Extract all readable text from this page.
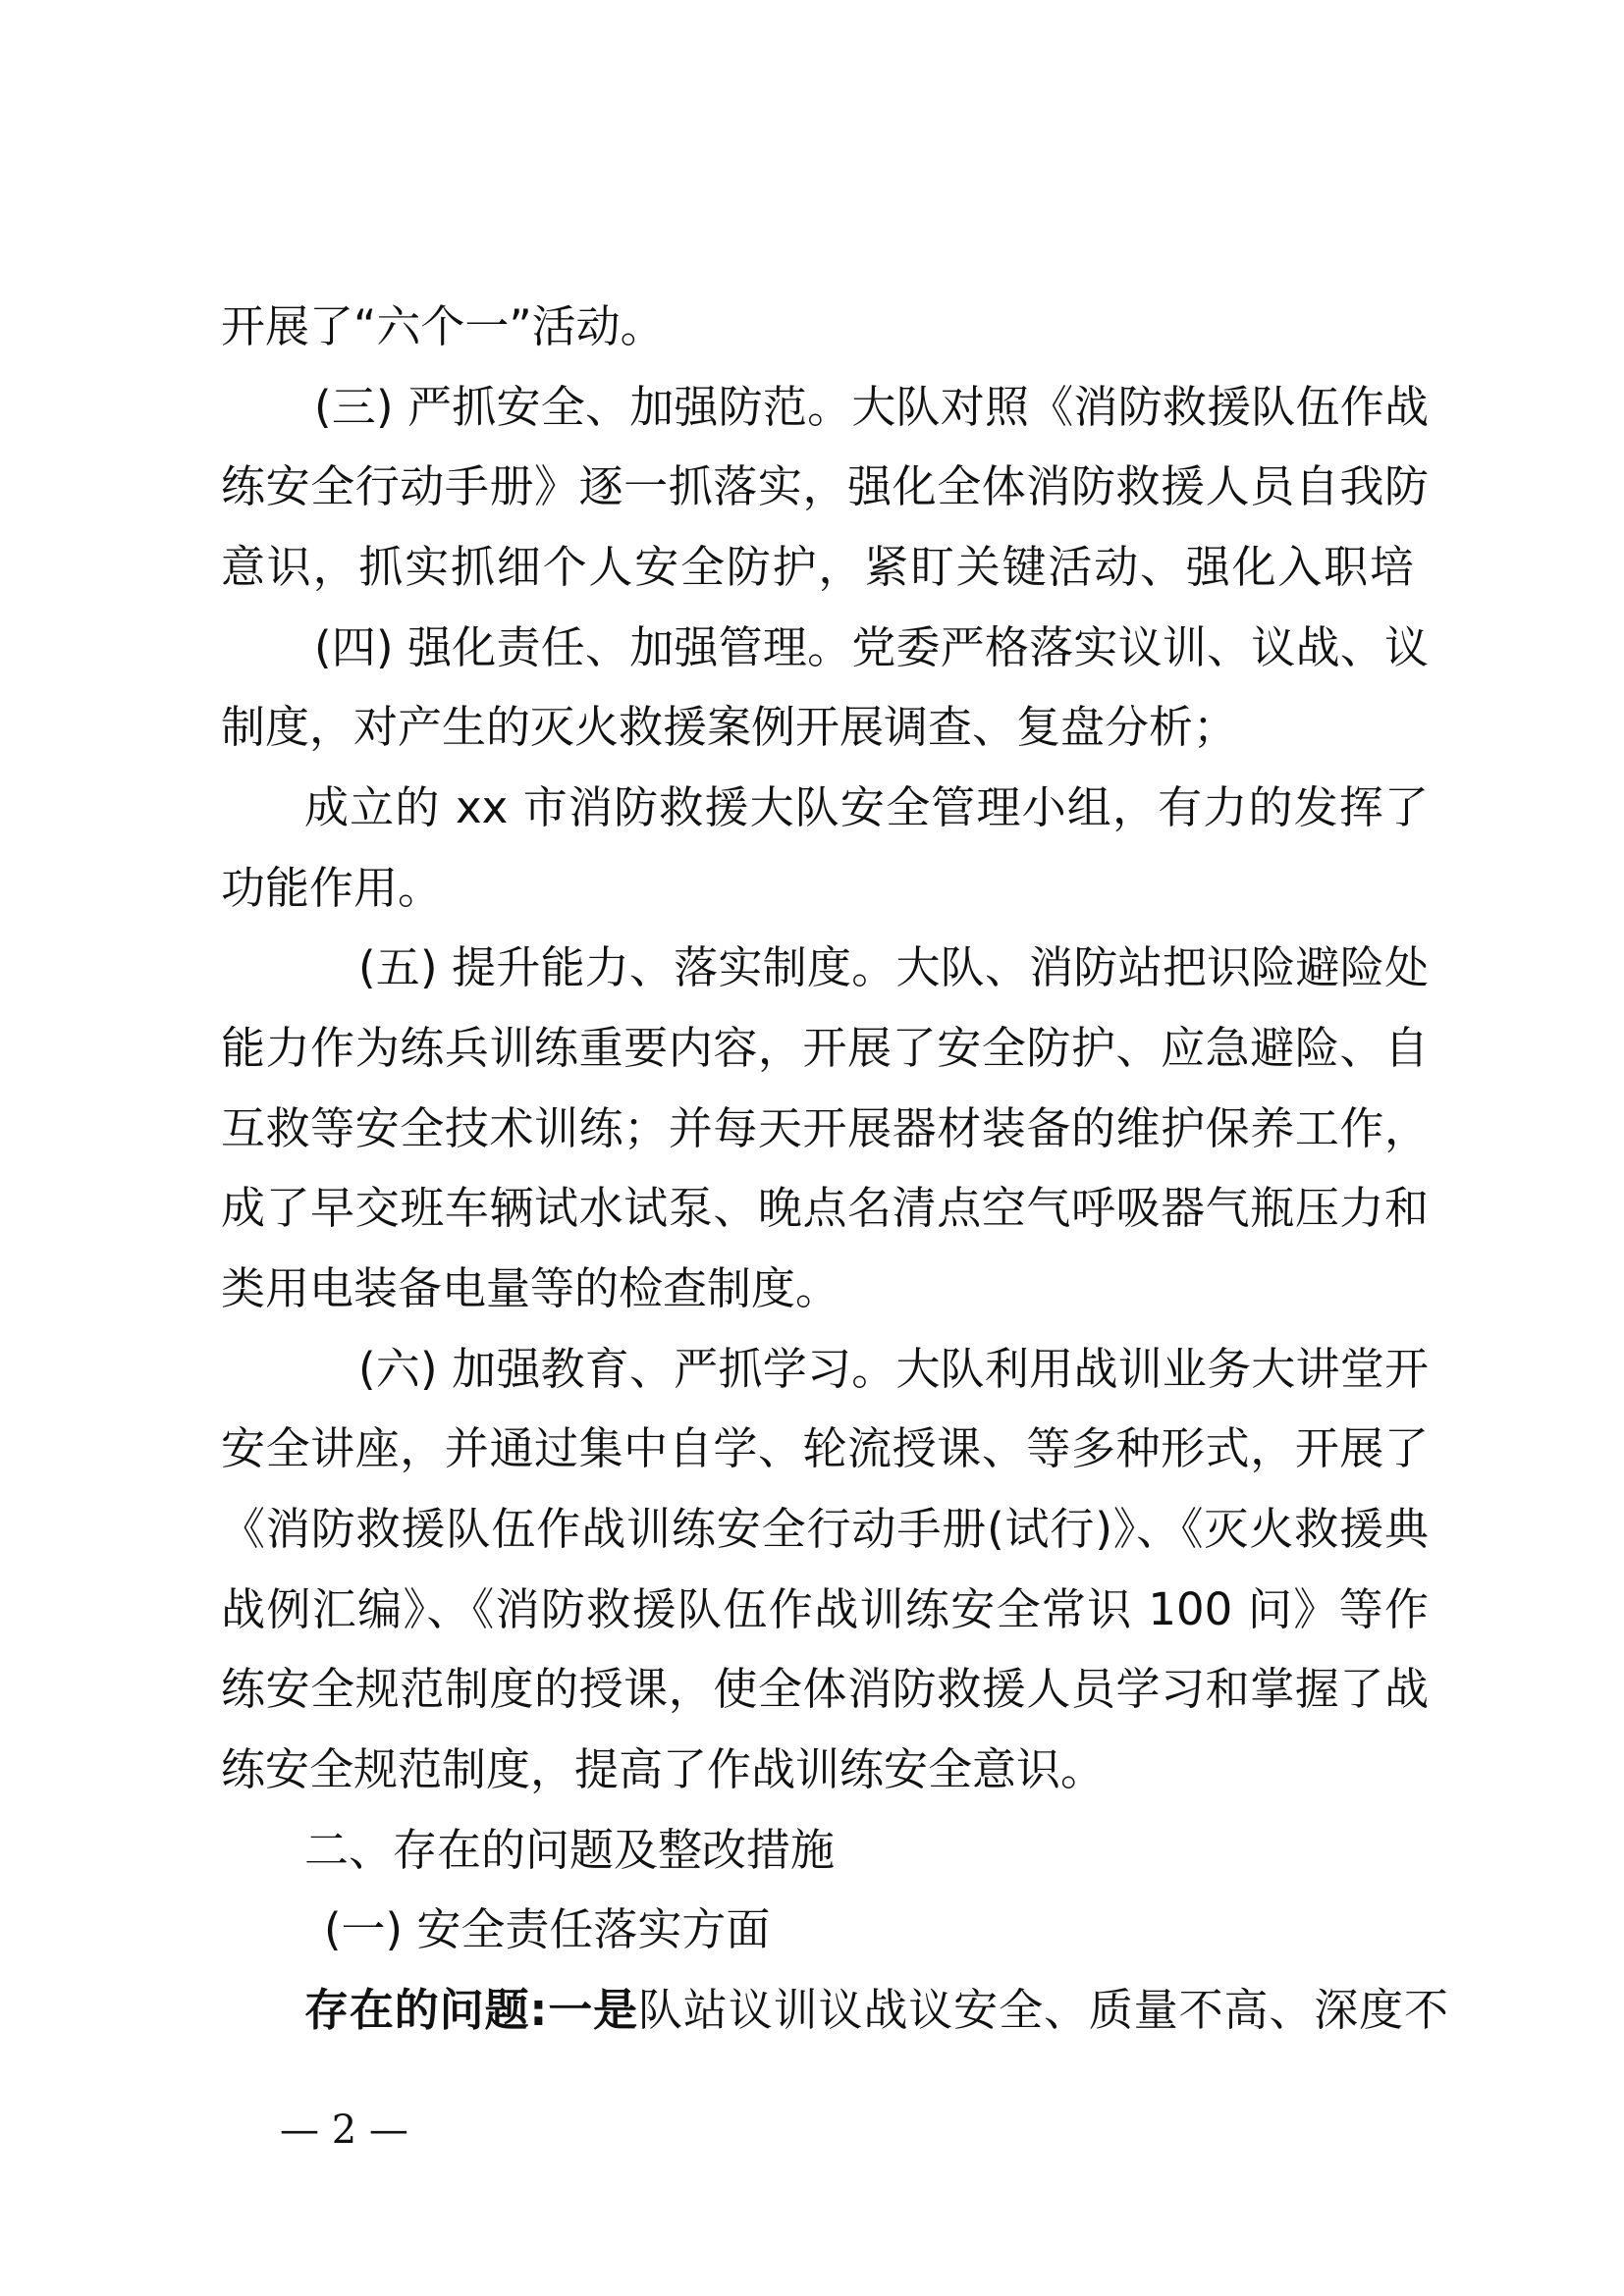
开展了“六个一”活动。
(三) 严抓安全、加强防范。大队对照《消防救援队伍作战
练安全行动手册》逐一抓落实，强化全体消防救援人员自我防
意识，抓实抓细个人安全防护，紧盯关键活动、强化入职培
(四) 强化责任、加强管理。党委严格落实议训、议战、议
制度，对产生的灭火救援案例开展调查、复盘分析；
成立的 xx 市消防救援大队安全管理小组，有力的发挥了
功能作用。
(五) 提升能力、落实制度。大队、消防站把识险避险处
能力作为练兵训练重要内容，开展了安全防护、应急避险、自
互救等安全技术训练；并每天开展器材装备的维护保养工作，
成了早交班车辆试水试泵、晚点名清点空气呼吸器气瓶压力和
类用电装备电量等的检查制度。
(六) 加强教育、严抓学习。大队利用战训业务大讲堂开
安全讲座，并通过集中自学、轮流授课、等多种形式，开展了
《消防救援队伍作战训练安全行动手册(试行)》、《灭火救援典
战例汇编》、《消防救援队伍作战训练安全常识 100 问》等作
练安全规范制度的授课，使全体消防救援人员学习和掌握了战
练安全规范制度，提高了作战训练安全意识。
二、存在的问题及整改措施
(一) 安全责任落实方面
存在的问题:一是队站议训议战议安全、质量不高、深度不
— 2 —
